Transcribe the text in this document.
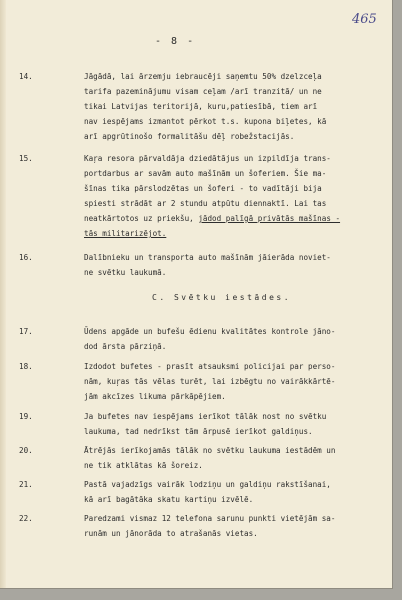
465
- 8 -
14.	Jāgādā, lai ārzemju iebraucēji saņemtu 50% dzelzceļa
tarifa pazeminājumu visam ceļam /arī tranzitā/ un ne
tikai Latvijas teritorijā, kuru,patiesībā, tiem arī
nav iespējams izmantot pērkot t.s. kupona biļetes, kā
arī apgrūtinošo formalitāšu dēļ robežstacijās.
15.	Kaŗa resora pārvaldāja dziedātājus un izpildīja trans-
portdarbus ar savām auto mašīnām un šoferiem. Šie ma-
šīnas tika pārslodzētas un šoferi - to vadītāji bija
spiesti strādāt ar 2 stundu atpūtu diennaktī. Lai tas
neatkārtotos uz priekšu, jādod palīgā privātās mašīnas -
tās militarizējot.
16.	Dalībnieku un transporta auto mašīnām jāierāda noviet-
ne svētku laukumā.
C. Svētku iestādes.
17.	Ūdens apgāde un bufešu ēdienu kvalitātes kontrole jāno-
dod ārsta pārziņā.
18.	Izdodot bufetes - prasīt atsauksmi policijai par perso-
nām, kuŗas tās vēlas turēt, lai izbēgtu no vairākkārtē-
jām akcīzes likuma pārkāpējiem.
19.	Ja bufetes nav iespējams ierīkot tālāk nost no svētku
laukuma, tad nedrīkst tām ārpusē ierīkot galdiņus.
20.	Ātrējās ierīkojamās tālāk no svētku laukuma iestādēm un
ne tik atklātas kā šoreiz.
21.	Pastā vajadzīgs vairāk lodziņu un galdiņu rakstīšanai,
kā arī bagātāka skatu kartiņu izvēlē.
22.	Paredzami vismaz 12 telefona sarunu punkti vietējām sa-
runām un jānorāda to atrašanās vietas.
